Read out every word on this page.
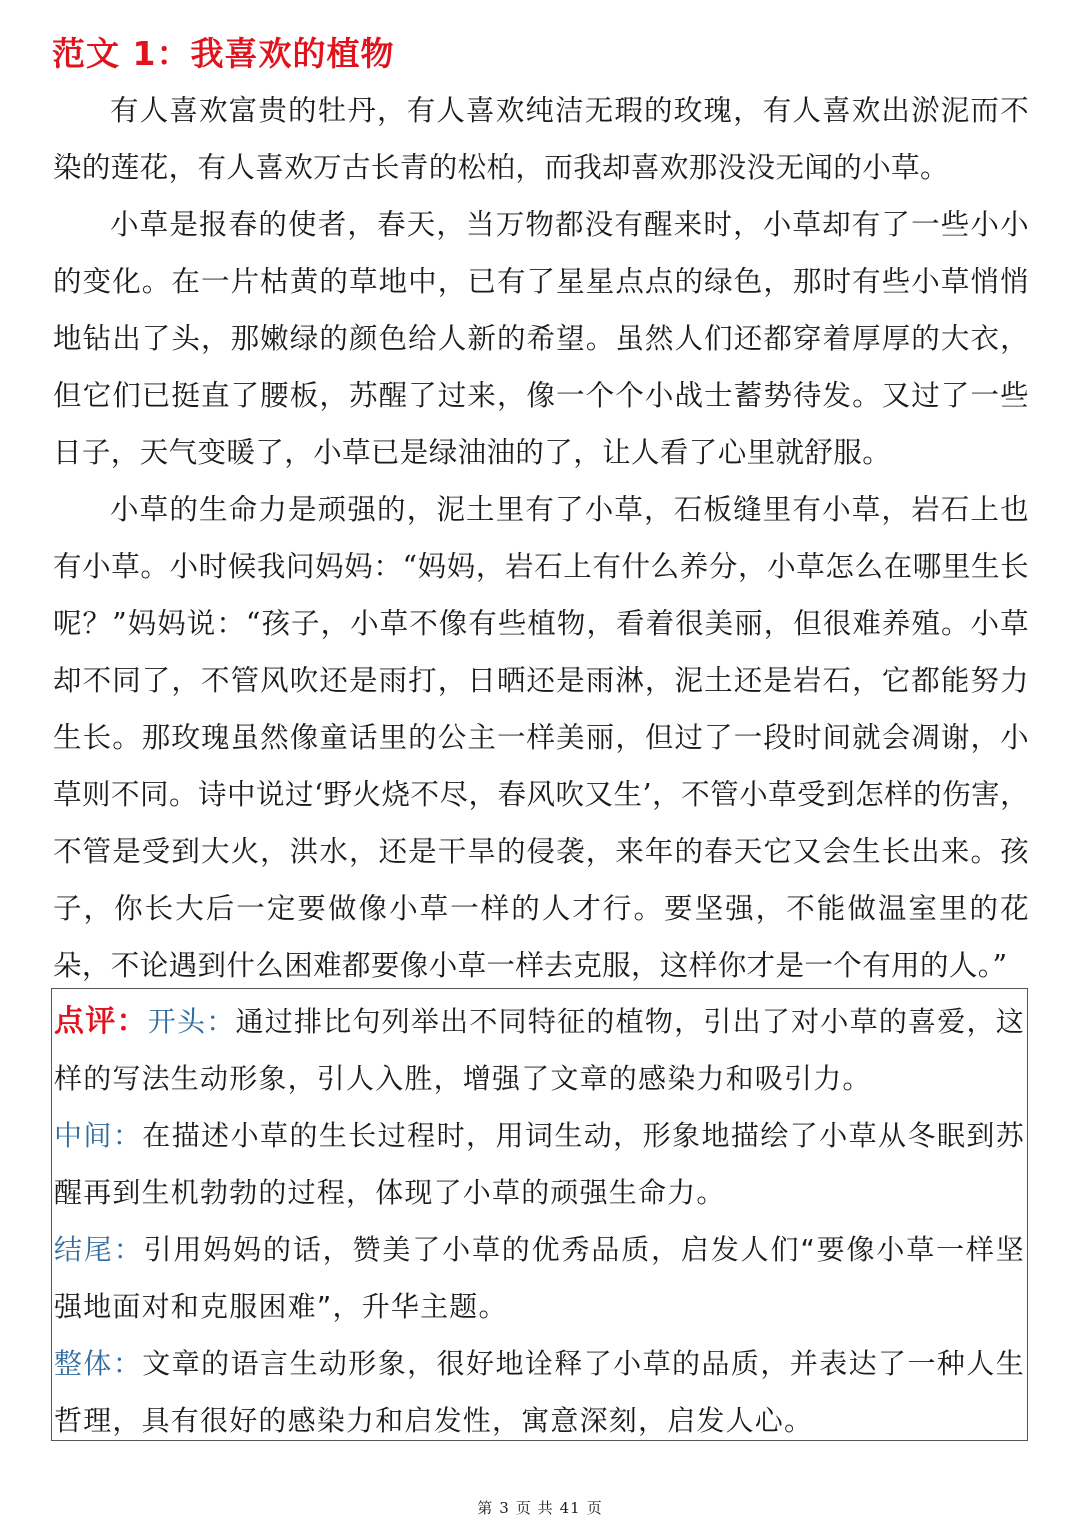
范文 1：我喜欢的植物

有人喜欢富贵的牡丹，有人喜欢纯洁无瑕的玫瑰，有人喜欢出淤泥而不染的莲花，有人喜欢万古长青的松柏，而我却喜欢那没没无闻的小草。

小草是报春的使者，春天，当万物都没有醒来时，小草却有了一些小小的变化。在一片枯黄的草地中，已有了星星点点的绿色，那时有些小草悄悄地钻出了头，那嫩绿的颜色给人新的希望。虽然人们还都穿着厚厚的大衣，但它们已挺直了腰板，苏醒了过来，像一个个小战士蓄势待发。又过了一些日子，天气变暖了，小草已是绿油油的了，让人看了心里就舒服。

小草的生命力是顽强的，泥土里有了小草，石板缝里有小草，岩石上也有小草。小时候我问妈妈：“妈妈，岩石上有什么养分，小草怎么在哪里生长呢？”妈妈说：“孩子，小草不像有些植物，看着很美丽，但很难养殖。小草却不同了，不管风吹还是雨打，日晒还是雨淋，泥土还是岩石，它都能努力生长。那玫瑰虽然像童话里的公主一样美丽，但过了一段时间就会凋谢，小草则不同。诗中说过‘野火烧不尽，春风吹又生’，不管小草受到怎样的伤害，不管是受到大火，洪水，还是干旱的侵袭，来年的春天它又会生长出来。孩子，你长大后一定要做像小草一样的人才行。要坚强，不能做温室里的花朵，不论遇到什么困难都要像小草一样去克服，这样你才是一个有用的人。”

点评：开头：通过排比句列举出不同特征的植物，引出了对小草的喜爱，这样的写法生动形象，引人入胜，增强了文章的感染力和吸引力。

中间：在描述小草的生长过程时，用词生动，形象地描绘了小草从冬眠到苏醒再到生机勃勃的过程，体现了小草的顽强生命力。

结尾：引用妈妈的话，赞美了小草的优秀品质，启发人们“要像小草一样坚强地面对和克服困难”，升华主题。

整体：文章的语言生动形象，很好地诠释了小草的品质，并表达了一种人生哲理，具有很好的感染力和启发性，寓意深刻，启发人心。

第 3 页 共 41 页
